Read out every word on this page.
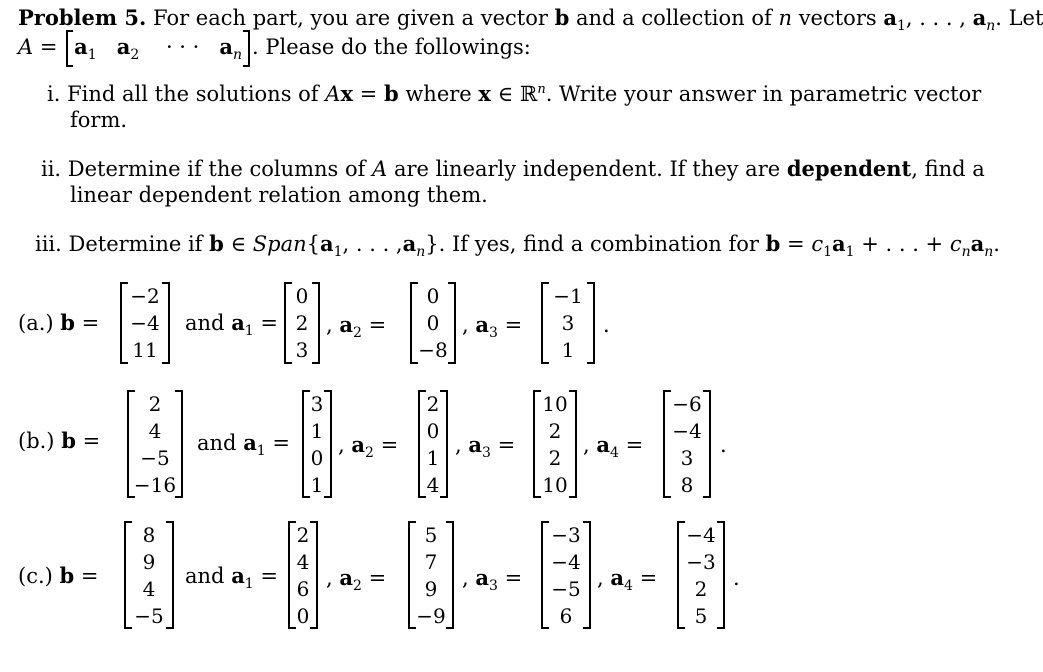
Problem 5. For each part, you are given a vector b and a collection of n vectors $a_1$, . . . , $a_n$. Let
$A = a_1$ $a_2$ · · · $a_n$ . Please do the followings:
i. Find all the solutions of Ax = b where x ∈ ℝ$^n$. Write your answer in parametric vector
form.
ii. Determine if the columns of A are linearly independent. If they are dependent, find a
linear dependent relation among them.
iii. Determine if b ∈ $Span\{a_1$, . . . $,a_n$}. If yes, find a combination for $b = c_1a_1$ + . . . + $c_na_n$.
(a.) b =
−2
−4
11
and $a_1$ =
0
2
3
, $a_2$ =
0
0
−8
, $a_3$ =
−1
3
1
.
(b.) b =
2
4
−5
−16
and $a_1$ =
3
1
0
1
, $a_2$ =
2
0
1
4
, $a_3$ =
10
2
2
10
, $a_4$ =
−6
−4
3
8
.
(c.) b =
8
9
4
−5
and $a_1$ =
2
4
6
0
, $a_2$ =
5
7
9
−9
, $a_3$ =
−3
−4
−5
6
, $a_4$ =
−4
−3
2
5
.
